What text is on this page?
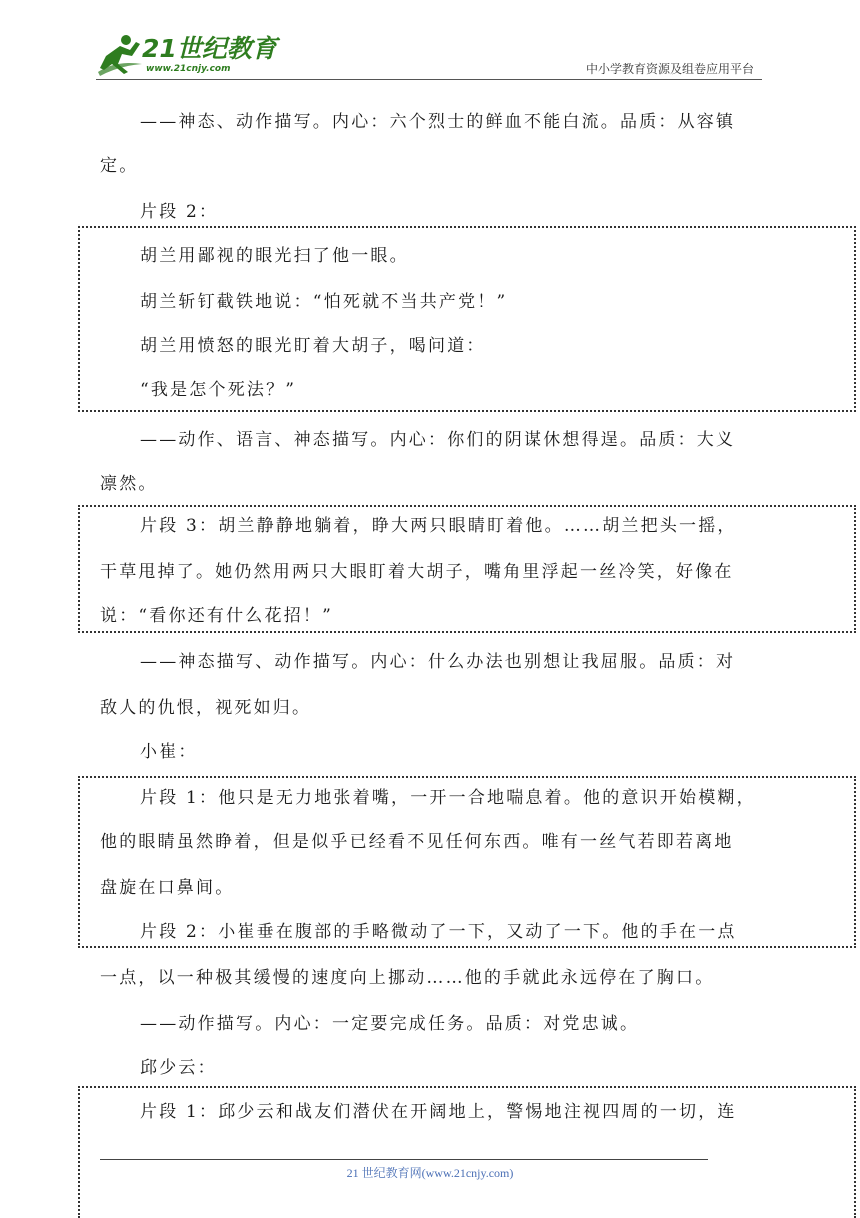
21世纪教育
www.21cnjy.com	中小学教育资源及组卷应用平台
——神态、动作描写。内心：六个烈士的鲜血不能白流。品质：从容镇
定。
片段 2：
胡兰用鄙视的眼光扫了他一眼。
胡兰斩钉截铁地说：“怕死就不当共产党！”
胡兰用愤怒的眼光盯着大胡子，喝问道：
“我是怎个死法？”
——动作、语言、神态描写。内心：你们的阴谋休想得逞。品质：大义
凛然。
片段 3：胡兰静静地躺着，睁大两只眼睛盯着他。……胡兰把头一摇，
干草甩掉了。她仍然用两只大眼盯着大胡子，嘴角里浮起一丝冷笑，好像在
说：“看你还有什么花招！”
——神态描写、动作描写。内心：什么办法也别想让我屈服。品质：对
敌人的仇恨，视死如归。
小崔：
片段 1：他只是无力地张着嘴，一开一合地喘息着。他的意识开始模糊，
他的眼睛虽然睁着，但是似乎已经看不见任何东西。唯有一丝气若即若离地
盘旋在口鼻间。
片段 2：小崔垂在腹部的手略微动了一下，又动了一下。他的手在一点
一点，以一种极其缓慢的速度向上挪动……他的手就此永远停在了胸口。
——动作描写。内心：一定要完成任务。品质：对党忠诚。
邱少云：
片段 1：邱少云和战友们潜伏在开阔地上，警惕地注视四周的一切，连
21 世纪教育网(www.21cnjy.com)
